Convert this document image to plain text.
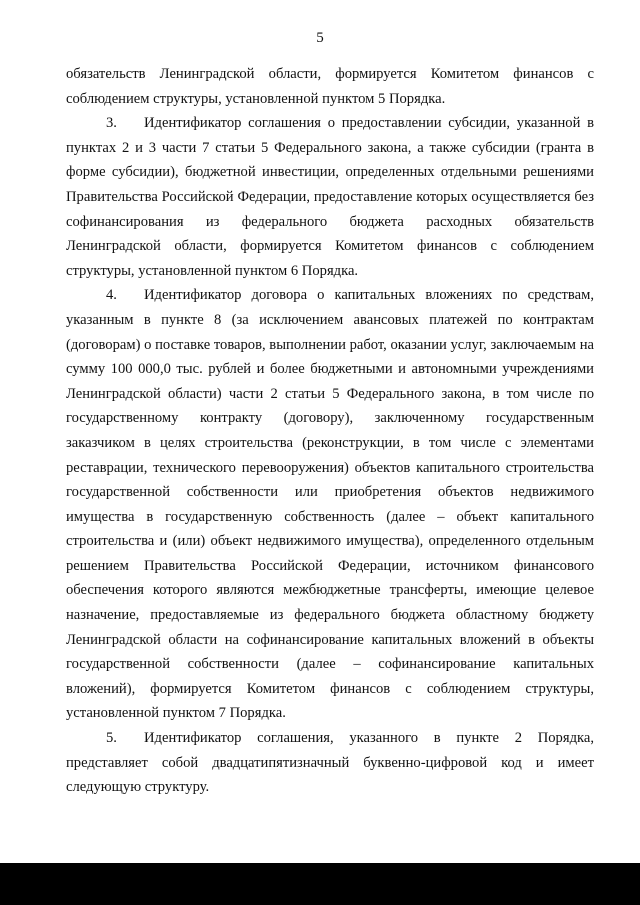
5

обязательств Ленинградской области, формируется Комитетом финансов с соблюдением структуры, установленной пунктом 5 Порядка.

3. Идентификатор соглашения о предоставлении субсидии, указанной в пунктах 2 и 3 части 7 статьи 5 Федерального закона, а также субсидии (гранта в форме субсидии), бюджетной инвестиции, определенных отдельными решениями Правительства Российской Федерации, предоставление которых осуществляется без софинансирования из федерального бюджета расходных обязательств Ленинградской области, формируется Комитетом финансов с соблюдением структуры, установленной пунктом 6 Порядка.

4. Идентификатор договора о капитальных вложениях по средствам, указанным в пункте 8 (за исключением авансовых платежей по контрактам (договорам) о поставке товаров, выполнении работ, оказании услуг, заключаемым на сумму 100 000,0 тыс. рублей и более бюджетными и автономными учреждениями Ленинградской области) части 2 статьи 5 Федерального закона, в том числе по государственному контракту (договору), заключенному государственным заказчиком в целях строительства (реконструкции, в том числе с элементами реставрации, технического перевооружения) объектов капитального строительства государственной собственности или приобретения объектов недвижимого имущества в государственную собственность (далее – объект капитального строительства и (или) объект недвижимого имущества), определенного отдельным решением Правительства Российской Федерации, источником финансового обеспечения которого являются межбюджетные трансферты, имеющие целевое назначение, предоставляемые из федерального бюджета областному бюджету Ленинградской области на софинансирование капитальных вложений в объекты государственной собственности (далее – софинансирование капитальных вложений), формируется Комитетом финансов с соблюдением структуры, установленной пунктом 7 Порядка.

5. Идентификатор соглашения, указанного в пункте 2 Порядка, представляет собой двадцатипятизначный буквенно-цифровой код и имеет следующую структуру.
